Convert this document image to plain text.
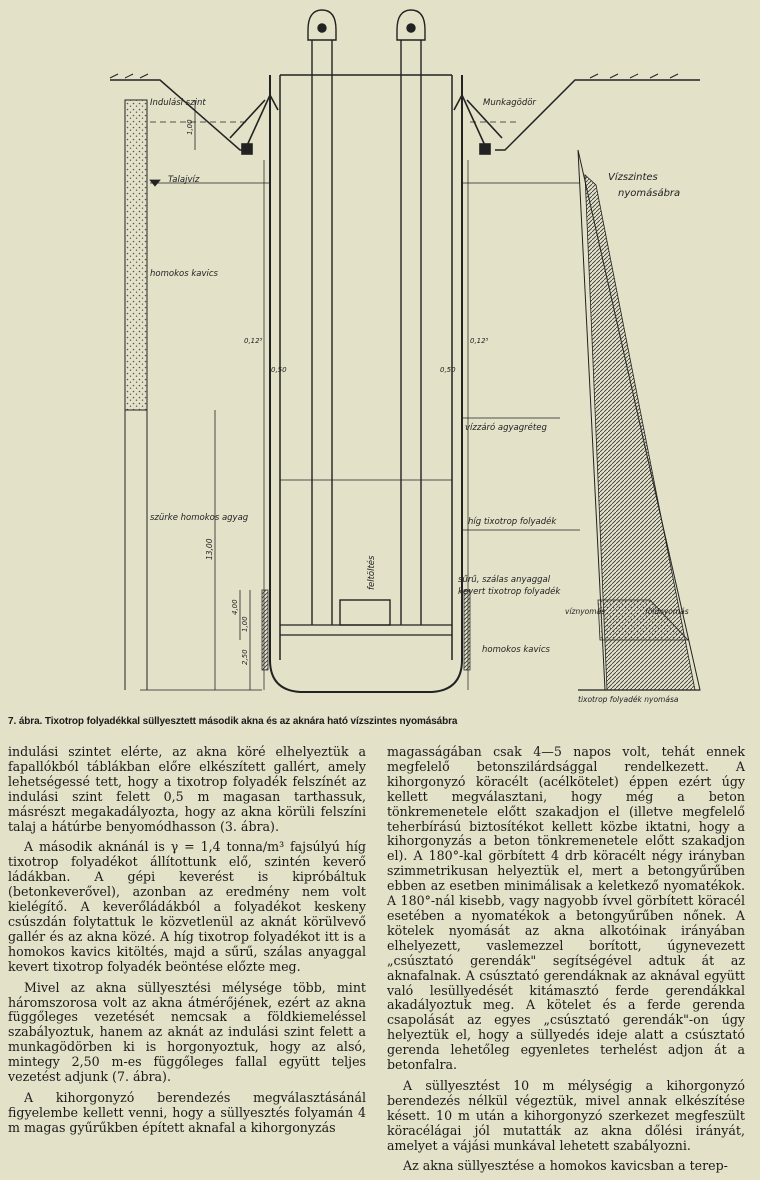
Indulási szint	Munkagödör
Talajvíz
homokos kavics
szürke homokos agyag
vízzáró agyagréteg
híg tixotrop folyadék
sűrű, szálas anyaggal
kevert tixotrop folyadék
homokos kavics
feltöltés
Vízszintes
nyomásábra
víznyomás	földnyomás
tixotrop folyadék nyomása
0,12⁵	0,12⁵
0,50	0,50
13,00
4,00
1,00
2,50
1,00
7. ábra. Tixotrop folyadékkal süllyesztett második akna és az aknára ható vízszintes nyomásábra

indulási szintet elérte, az akna köré elhelyeztük a fapallókból táblákban előre elkészített gallért, amely lehetségessé tett, hogy a tixotrop folyadék felszínét az indulási szint felett 0,5 m magasan tarthassuk, másrészt megakadályozta, hogy az akna körüli felszíni talaj a hátúrbe benyomódhasson (3. ábra).

A második aknánál is γ = 1,4 tonna/m³ fajsúlyú híg tixotrop folyadékot állítottunk elő, szintén keverő ládákban. A gépi keverést is kipróbáltuk (betonkeverővel), azonban az eredmény nem volt kielégítő. A keverőládákból a folyadékot keskeny csúszdán folytattuk le közvetlenül az aknát körülvevő gallér és az akna közé. A híg tixotrop folyadékot itt is a homokos kavics kitöltés, majd a sűrű, szálas anyaggal kevert tixotrop folyadék beöntése előzte meg.

Mivel az akna süllyesztési mélysége több, mint háromszorosa volt az akna átmérőjének, ezért az akna függőleges vezetését nemcsak a földkiemeléssel szabályoztuk, hanem az aknát az indulási szint felett a munkagödörben ki is horgonyoztuk, hogy az alsó, mintegy 2,50 m-es függőleges fallal együtt teljes vezetést adjunk (7. ábra).

A kihorgonyzó berendezés megválasztásánál figyelembe kellett venni, hogy a süllyesztés folyamán 4 m magas gyűrűkben épített aknafal a kihorgonyzás

magasságában csak 4—5 napos volt, tehát ennek megfelelő betonszilárdsággal rendelkezett. A kihorgonyzó köracélt (acélkötelet) éppen ezért úgy kellett megválasztani, hogy még a beton tönkremenetele előtt szakadjon el (illetve megfelelő teherbírású biztosítékot kellett közbe iktatni, hogy a kihorgonyzás a beton tönkremenetele előtt szakadjon el). A 180°-kal görbített 4 drb köracélt négy irányban szimmetrikusan helyeztük el, mert a betongyűrűben ebben az esetben minimálisak a keletkező nyomatékok. A 180°-nál kisebb, vagy nagyobb ívvel görbített köracél esetében a nyomatékok a betongyűrűben nőnek. A kötelek nyomását az akna alkotóinak irányában elhelyezett, vaslemezzel borított, úgynevezett „csúsztató gerendák" segítségével adtuk át az aknafalnak. A csúsztató gerendáknak az aknával együtt való lesüllyedését kitámasztó ferde gerendákkal akadályoztuk meg. A kötelet és a ferde gerenda csapolását az egyes „csúsztató gerendák"-on úgy helyeztük el, hogy a süllyedés ideje alatt a csúsztató gerenda lehetőleg egyenletes terhelést adjon át a betonfalra.

A süllyesztést 10 m mélységig a kihorgonyzó berendezés nélkül végeztük, mivel annak elkészítése késett. 10 m után a kihorgonyzó szerkezet megfeszült köracélágai jól mutatták az akna dőlési irányát, amelyet a vájási munkával lehetett szabályozni.

Az akna süllyesztése a homokos kavicsban a terep-
